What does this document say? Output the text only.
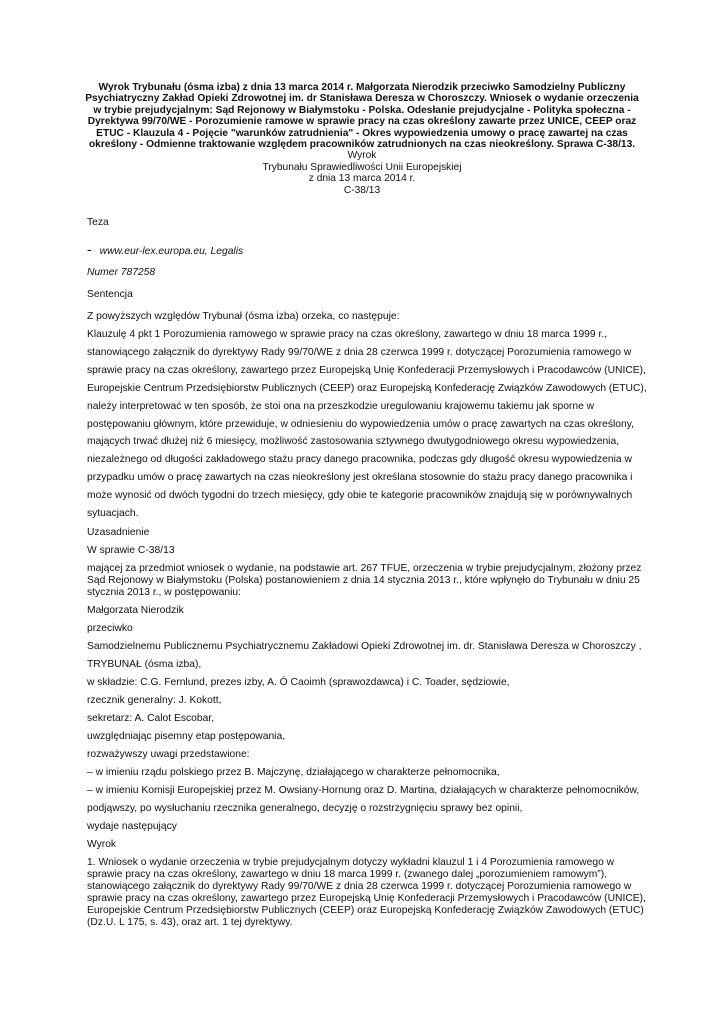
Wyrok Trybunału (ósma izba) z dnia 13 marca 2014 r. Małgorzata Nierodzik przeciwko Samodzielny Publiczny Psychiatryczny Zakład Opieki Zdrowotnej im. dr Stanisława Deresza w Choroszczy. Wniosek o wydanie orzeczenia w trybie prejudycjalnym: Sąd Rejonowy w Białymstoku - Polska. Odesłanie prejudycjalne - Polityka społeczna - Dyrektywa 99/70/WE - Porozumienie ramowe w sprawie pracy na czas określony zawarte przez UNICE, CEEP oraz ETUC - Klauzula 4 - Pojęcie "warunków zatrudnienia" - Okres wypowiedzenia umowy o pracę zawartej na czas określony - Odmienne traktowanie względem pracowników zatrudnionych na czas nieokreślony. Sprawa C-38/13.
Wyrok
Trybunału Sprawiedliwości Unii Europejskiej
z dnia 13 marca 2014 r.
C-38/13
Teza
- www.eur-lex.europa.eu, Legalis
Numer 787258
Sentencja
Z powyższych względów Trybunał (ósma izba) orzeka, co następuje:
Klauzulę 4 pkt 1 Porozumienia ramowego w sprawie pracy na czas określony, zawartego w dniu 18 marca 1999 r., stanowiącego załącznik do dyrektywy Rady 99/70/WE z dnia 28 czerwca 1999 r. dotyczącej Porozumienia ramowego w sprawie pracy na czas określony, zawartego przez Europejską Unię Konfederacji Przemysłowych i Pracodawców (UNICE), Europejskie Centrum Przedsiębiorstw Publicznych (CEEP) oraz Europejską Konfederację Związków Zawodowych (ETUC), należy interpretować w ten sposób, że stoi ona na przeszkodzie uregulowaniu krajowemu takiemu jak sporne w postępowaniu głównym, które przewiduje, w odniesieniu do wypowiedzenia umów o pracę zawartych na czas określony, mających trwać dłużej niż 6 miesięcy, możliwość zastosowania sztywnego dwutygodniowego okresu wypowiedzenia, niezależnego od długości zakładowego stażu pracy danego pracownika, podczas gdy długość okresu wypowiedzenia w przypadku umów o pracę zawartych na czas nieokreślony jest określana stosownie do stażu pracy danego pracownika i może wynosić od dwóch tygodni do trzech miesięcy, gdy obie te kategorie pracowników znajdują się w porównywalnych sytuacjach.
Uzasadnienie
W sprawie C-38/13
mającej za przedmiot wniosek o wydanie, na podstawie art. 267 TFUE, orzeczenia w trybie prejudycjalnym, złożony przez Sąd Rejonowy w Białymstoku (Polska) postanowieniem z dnia 14 stycznia 2013 r., które wpłynęło do Trybunału w dniu 25 stycznia 2013 r., w postępowaniu:
Małgorzata Nierodzik
przeciwko
Samodzielnemu Publicznemu Psychiatrycznemu Zakładowi Opieki Zdrowotnej im. dr. Stanisława Deresza w Choroszczy ,
TRYBUNAŁ (ósma izba),
w składzie: C.G. Fernlund, prezes izby, A. Ó Caoimh (sprawozdawca) i C. Toader, sędziowie,
rzecznik generalny: J. Kokott,
sekretarz: A. Calot Escobar,
uwzględniając pisemny etap postępowania,
rozważywszy uwagi przedstawione:
– w imieniu rządu polskiego przez B. Majczynę, działającego w charakterze pełnomocnika,
– w imieniu Komisji Europejskiej przez M. Owsiany-Hornung oraz D. Martina, działających w charakterze pełnomocników,
podjąwszy, po wysłuchaniu rzecznika generalnego, decyzję o rozstrzygnięciu sprawy bez opinii,
wydaje następujący
Wyrok
1. Wniosek o wydanie orzeczenia w trybie prejudycjalnym dotyczy wykładni klauzul 1 i 4 Porozumienia ramowego w sprawie pracy na czas określony, zawartego w dniu 18 marca 1999 r. (zwanego dalej „porozumieniem ramowym”), stanowiącego załącznik do dyrektywy Rady 99/70/WE z dnia 28 czerwca 1999 r. dotyczącej Porozumienia ramowego w sprawie pracy na czas określony, zawartego przez Europejską Unię Konfederacji Przemysłowych i Pracodawców (UNICE), Europejskie Centrum Przedsiębiorstw Publicznych (CEEP) oraz Europejską Konfederację Związków Zawodowych (ETUC) (Dz.U. L 175, s. 43), oraz art. 1 tej dyrektywy.
